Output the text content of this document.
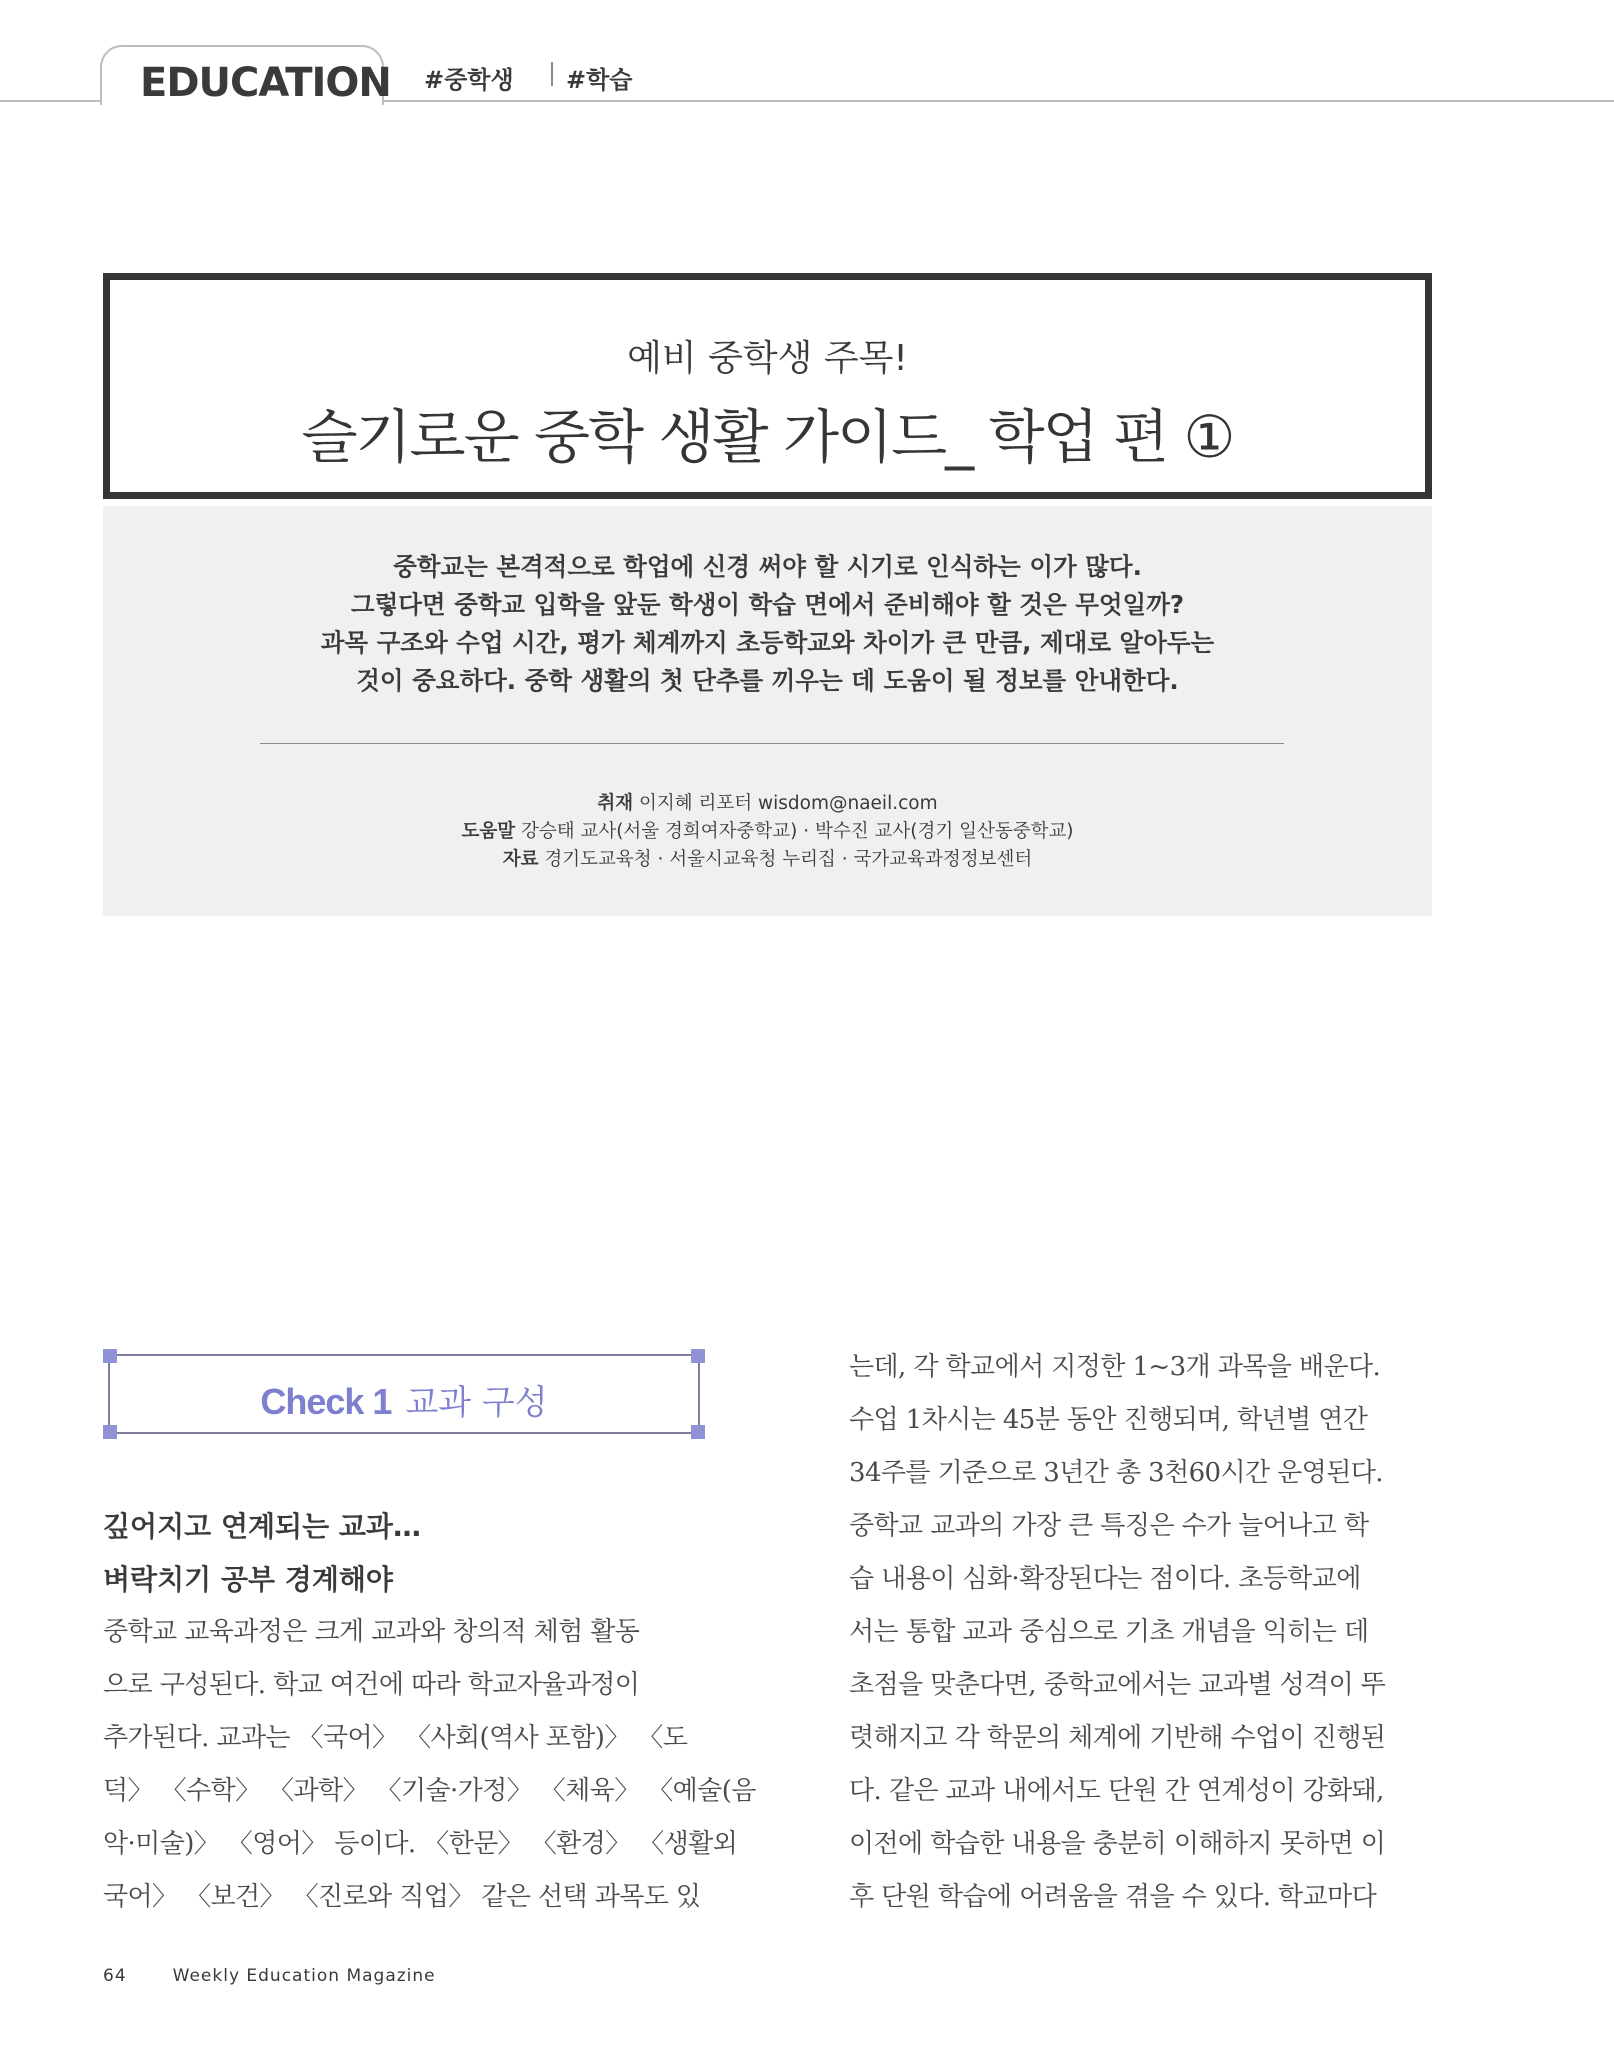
EDUCATION #중학생 #학습
예비 중학생 주목!
슬기로운 중학 생활 가이드_ 학업 편 ①
중학교는 본격적으로 학업에 신경 써야 할 시기로 인식하는 이가 많다.
그렇다면 중학교 입학을 앞둔 학생이 학습 면에서 준비해야 할 것은 무엇일까?
과목 구조와 수업 시간, 평가 체계까지 초등학교와 차이가 큰 만큼, 제대로 알아두는
것이 중요하다. 중학 생활의 첫 단추를 끼우는 데 도움이 될 정보를 안내한다.
취재 이지혜 리포터 wisdom@naeil.com
도움말 강승태 교사(서울 경희여자중학교) · 박수진 교사(경기 일산동중학교)
자료 경기도교육청 · 서울시교육청 누리집 · 국가교육과정정보센터
Check 1 교과 구성
깊어지고 연계되는 교과…
벼락치기 공부 경계해야
중학교 교육과정은 크게 교과와 창의적 체험 활동
으로 구성된다. 학교 여건에 따라 학교자율과정이
추가된다. 교과는 〈국어〉 〈사회(역사 포함)〉 〈도
덕〉 〈수학〉 〈과학〉 〈기술·가정〉 〈체육〉 〈예술(음
악·미술)〉 〈영어〉 등이다. 〈한문〉 〈환경〉 〈생활외
국어〉 〈보건〉 〈진로와 직업〉 같은 선택 과목도 있
는데, 각 학교에서 지정한 1~3개 과목을 배운다.
수업 1차시는 45분 동안 진행되며, 학년별 연간
34주를 기준으로 3년간 총 3천60시간 운영된다.
중학교 교과의 가장 큰 특징은 수가 늘어나고 학
습 내용이 심화·확장된다는 점이다. 초등학교에
서는 통합 교과 중심으로 기초 개념을 익히는 데
초점을 맞춘다면, 중학교에서는 교과별 성격이 뚜
렷해지고 각 학문의 체계에 기반해 수업이 진행된
다. 같은 교과 내에서도 단원 간 연계성이 강화돼,
이전에 학습한 내용을 충분히 이해하지 못하면 이
후 단원 학습에 어려움을 겪을 수 있다. 학교마다
64	Weekly Education Magazine
